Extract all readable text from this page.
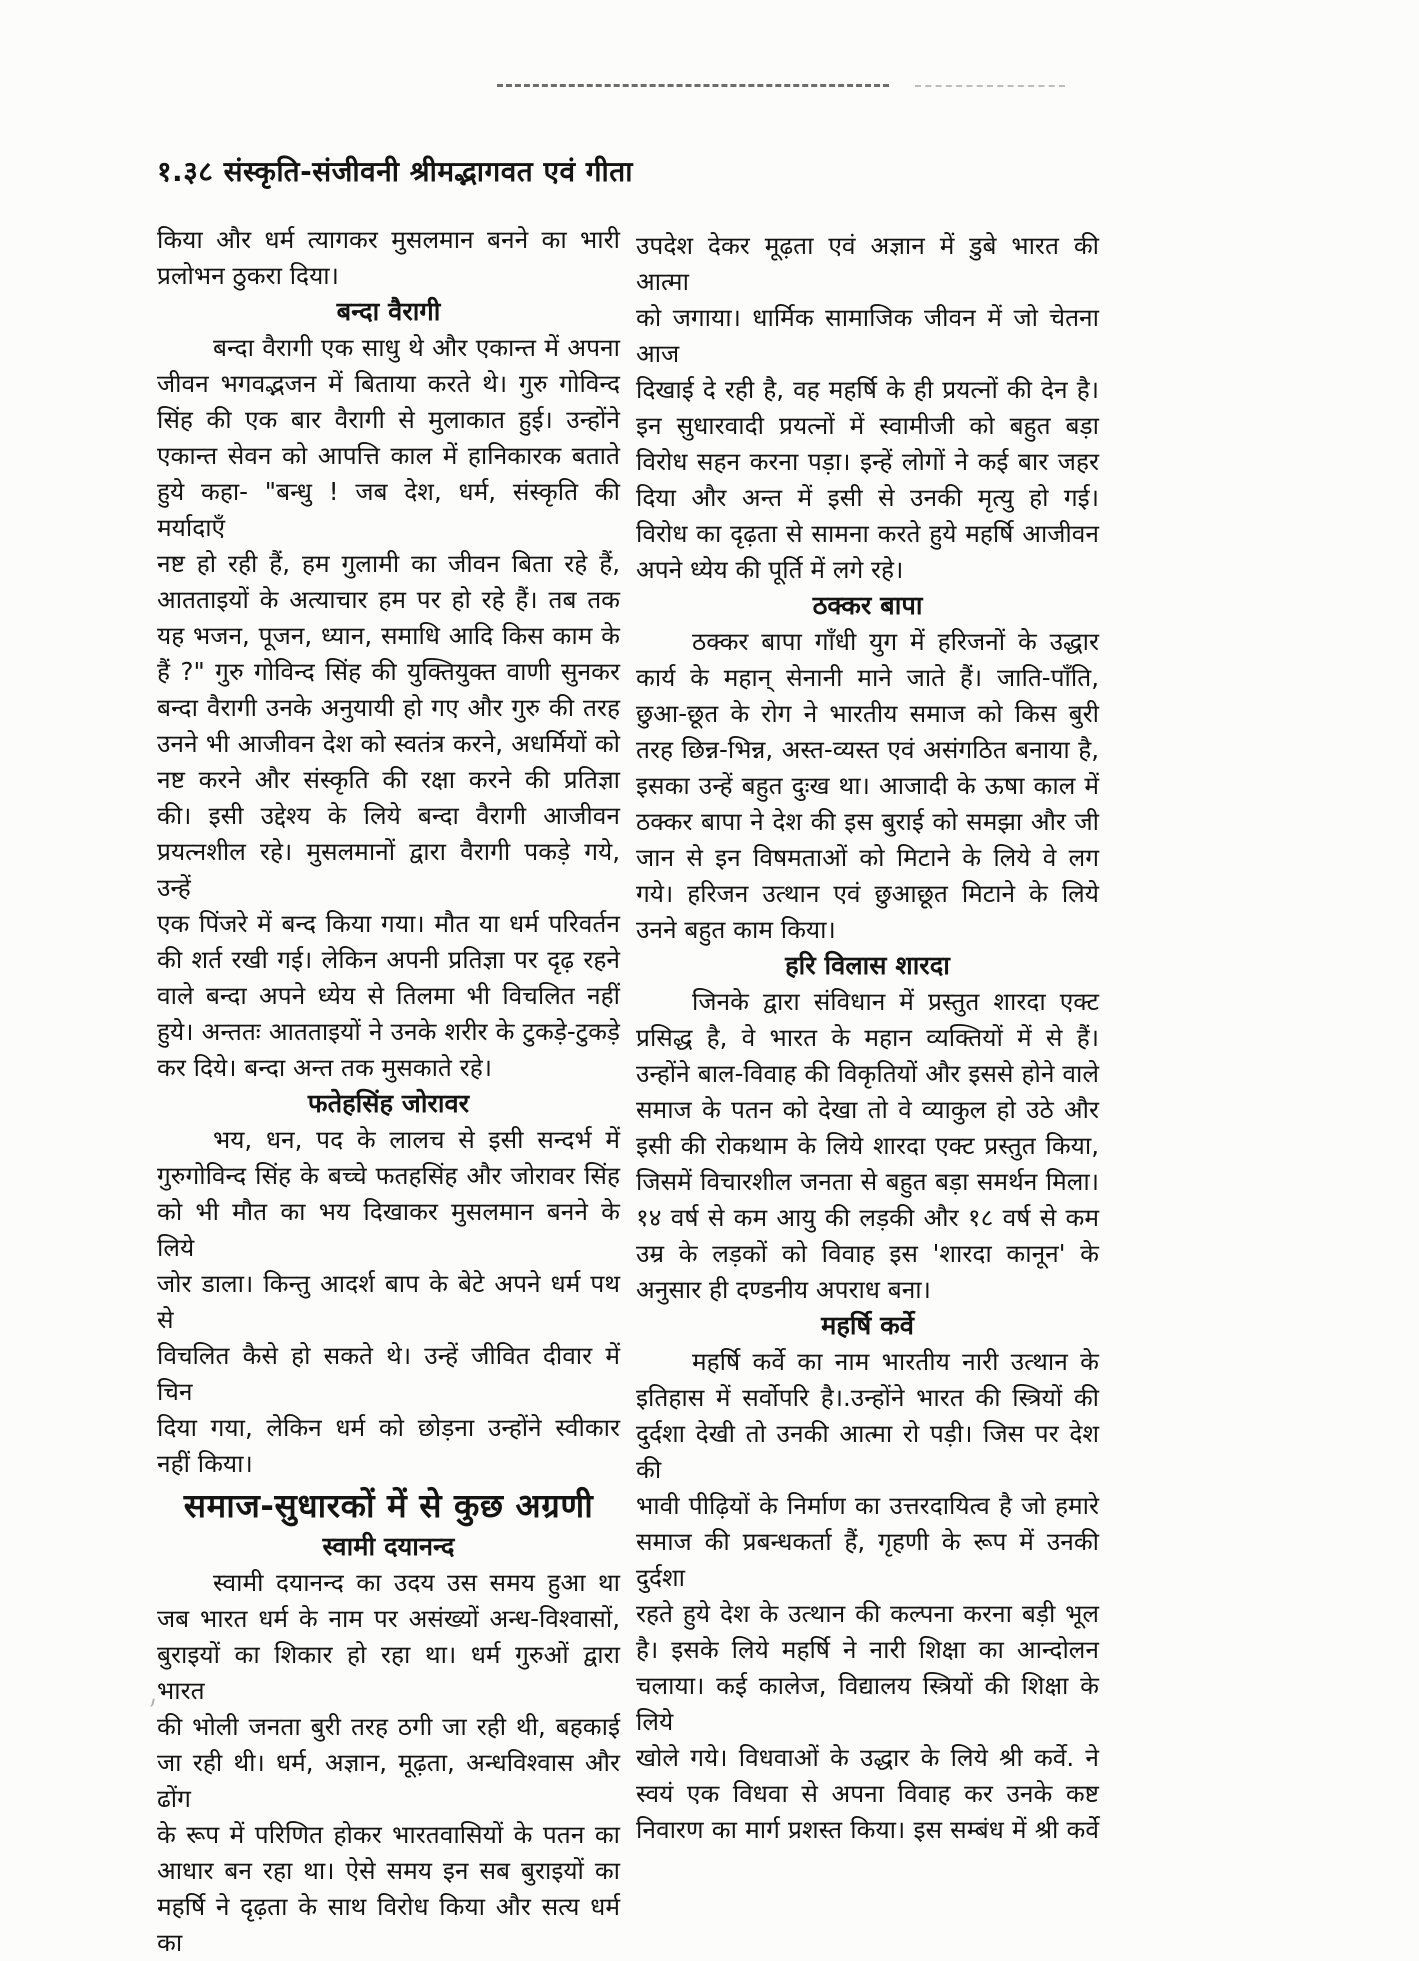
१.३८ संस्कृति-संजीवनी श्रीमद्भागवत एवं गीता
किया और धर्म त्यागकर मुसलमान बनने का भारी
प्रलोभन ठुकरा दिया।
बन्दा वैरागी
बन्दा वैरागी एक साधु थे और एकान्त में अपना
जीवन भगवद्भजन में बिताया करते थे। गुरु गोविन्द
सिंह की एक बार वैरागी से मुलाकात हुई। उन्होंने
एकान्त सेवन को आपत्ति काल में हानिकारक बताते
हुये कहा- "बन्धु ! जब देश, धर्म, संस्कृति की मर्यादाएँ
नष्ट हो रही हैं, हम गुलामी का जीवन बिता रहे हैं,
आतताइयों के अत्याचार हम पर हो रहे हैं। तब तक
यह भजन, पूजन, ध्यान, समाधि आदि किस काम के
हैं ?" गुरु गोविन्द सिंह की युक्तियुक्त वाणी सुनकर
बन्दा वैरागी उनके अनुयायी हो गए और गुरु की तरह
उनने भी आजीवन देश को स्वतंत्र करने, अधर्मियों को
नष्ट करने और संस्कृति की रक्षा करने की प्रतिज्ञा
की। इसी उद्देश्य के लिये बन्दा वैरागी आजीवन
प्रयत्नशील रहे। मुसलमानों द्वारा वैरागी पकड़े गये, उन्हें
एक पिंजरे में बन्द किया गया। मौत या धर्म परिवर्तन
की शर्त रखी गई। लेकिन अपनी प्रतिज्ञा पर दृढ़ रहने
वाले बन्दा अपने ध्येय से तिलमा भी विचलित नहीं
हुये। अन्ततः आतताइयों ने उनके शरीर के टुकड़े-टुकड़े
कर दिये। बन्दा अन्त तक मुसकाते रहे।
फतेहसिंह जोरावर
भय, धन, पद के लालच से इसी सन्दर्भ में
गुरुगोविन्द सिंह के बच्चे फतहसिंह और जोरावर सिंह
को भी मौत का भय दिखाकर मुसलमान बनने के लिये
जोर डाला। किन्तु आदर्श बाप के बेटे अपने धर्म पथ से
विचलित कैसे हो सकते थे। उन्हें जीवित दीवार में चिन
दिया गया, लेकिन धर्म को छोड़ना उन्होंने स्वीकार
नहीं किया।
समाज-सुधारकों में से कुछ अग्रणी
स्वामी दयानन्द
स्वामी दयानन्द का उदय उस समय हुआ था
जब भारत धर्म के नाम पर असंख्यों अन्ध-विश्वासों,
बुराइयों का शिकार हो रहा था। धर्म गुरुओं द्वारा भारत
की भोली जनता बुरी तरह ठगी जा रही थी, बहकाई
जा रही थी। धर्म, अज्ञान, मूढ़ता, अन्धविश्वास और ढोंग
के रूप में परिणित होकर भारतवासियों के पतन का
आधार बन रहा था। ऐसे समय इन सब बुराइयों का
महर्षि ने दृढ़ता के साथ विरोध किया और सत्य धर्म का
उपदेश देकर मूढ़ता एवं अज्ञान में डुबे भारत की आत्मा
को जगाया। धार्मिक सामाजिक जीवन में जो चेतना आज
दिखाई दे रही है, वह महर्षि के ही प्रयत्नों की देन है।
इन सुधारवादी प्रयत्नों में स्वामीजी को बहुत बड़ा
विरोध सहन करना पड़ा। इन्हें लोगों ने कई बार जहर
दिया और अन्त में इसी से उनकी मृत्यु हो गई।
विरोध का दृढ़ता से सामना करते हुये महर्षि आजीवन
अपने ध्येय की पूर्ति में लगे रहे।
ठक्कर बापा
ठक्कर बापा गाँधी युग में हरिजनों के उद्धार
कार्य के महान् सेनानी माने जाते हैं। जाति-पाँति,
छुआ-छूत के रोग ने भारतीय समाज को किस बुरी
तरह छिन्न-भिन्न, अस्त-व्यस्त एवं असंगठित बनाया है,
इसका उन्हें बहुत दुःख था। आजादी के ऊषा काल में
ठक्कर बापा ने देश की इस बुराई को समझा और जी
जान से इन विषमताओं को मिटाने के लिये वे लग
गये। हरिजन उत्थान एवं छुआछूत मिटाने के लिये
उनने बहुत काम किया।
हरि विलास शारदा
जिनके द्वारा संविधान में प्रस्तुत शारदा एक्ट
प्रसिद्ध है, वे भारत के महान व्यक्तियों में से हैं।
उन्होंने बाल-विवाह की विकृतियों और इससे होने वाले
समाज के पतन को देखा तो वे व्याकुल हो उठे और
इसी की रोकथाम के लिये शारदा एक्ट प्रस्तुत किया,
जिसमें विचारशील जनता से बहुत बड़ा समर्थन मिला।
१४ वर्ष से कम आयु की लड़की और १८ वर्ष से कम
उम्र के लड़कों को विवाह इस 'शारदा कानून' के
अनुसार ही दण्डनीय अपराध बना।
महर्षि कर्वे
महर्षि कर्वे का नाम भारतीय नारी उत्थान के
इतिहास में सर्वोपरि है।.उन्होंने भारत की स्त्रियों की
दुर्दशा देखी तो उनकी आत्मा रो पड़ी। जिस पर देश की
भावी पीढ़ियों के निर्माण का उत्तरदायित्व है जो हमारे
समाज की प्रबन्धकर्ता हैं, गृहणी के रूप में उनकी दुर्दशा
रहते हुये देश के उत्थान की कल्पना करना बड़ी भूल
है। इसके लिये महर्षि ने नारी शिक्षा का आन्दोलन
चलाया। कई कालेज, विद्यालय स्त्रियों की शिक्षा के लिये
खोले गये। विधवाओं के उद्धार के लिये श्री कर्वे. ने
स्वयं एक विधवा से अपना विवाह कर उनके कष्ट
निवारण का मार्ग प्रशस्त किया। इस सम्बंध में श्री कर्वे
